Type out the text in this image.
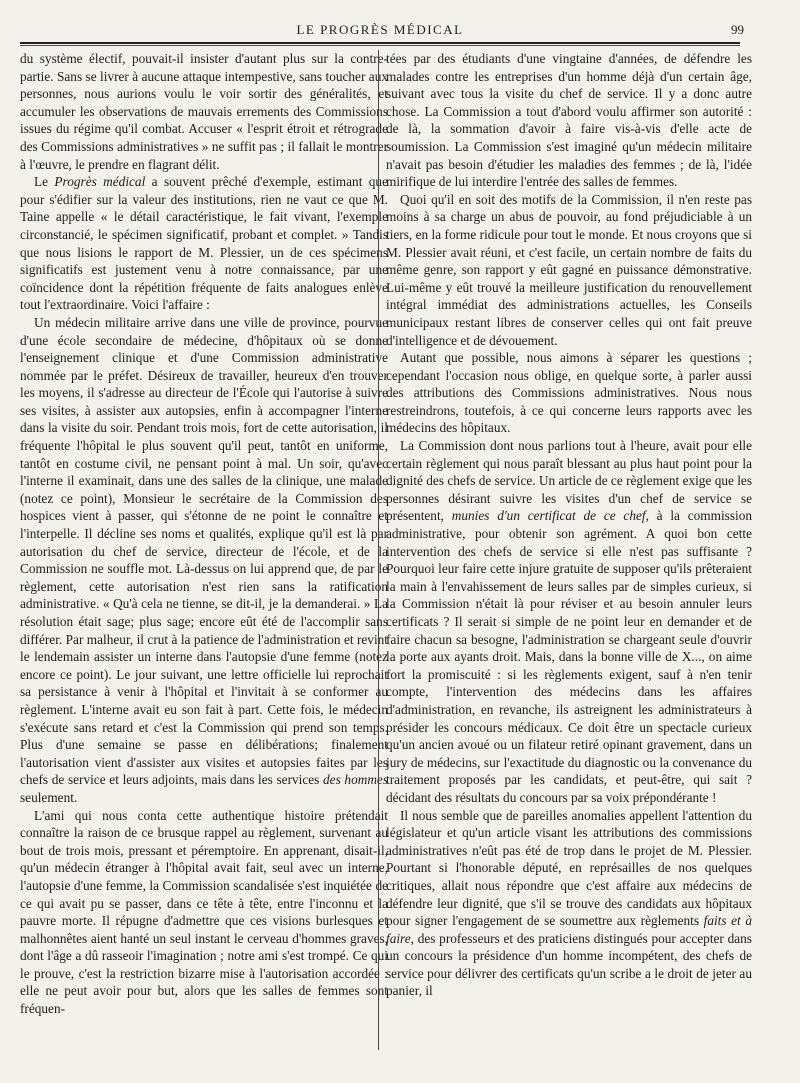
LE PROGRÈS MÉDICAL	99

du système électif, pouvait-il insister d'autant plus sur la contre-partie. Sans se livrer à aucune attaque intempestive, sans toucher aux personnes, nous aurions voulu le voir sortir des généralités, et accumuler les observations de mauvais errements des Commissions issues du régime qu'il combat. Accuser « l'esprit étroit et rétrograde des Commissions administratives » ne suffit pas ; il fallait le montrer à l'œuvre, le prendre en flagrant délit.

Le Progrès médical a souvent prêché d'exemple, estimant que pour s'édifier sur la valeur des institutions, rien ne vaut ce que M. Taine appelle « le détail caractéristique, le fait vivant, l'exemple circonstancié, le spécimen significatif, probant et complet. » Tandis que nous lisions le rapport de M. Plessier, un de ces spécimens significatifs est justement venu à notre connaissance, par une coïncidence dont la répétition fréquente de faits analogues enlève tout l'extraordinaire. Voici l'affaire :

Un médecin militaire arrive dans une ville de province, pourvue d'une école secondaire de médecine, d'hôpitaux où se donne l'enseignement clinique et d'une Commission administrative nommée par le préfet. Désireux de travailler, heureux d'en trouver les moyens, il s'adresse au directeur de l'École qui l'autorise à suivre ses visites, à assister aux autopsies, enfin à accompagner l'interne dans la visite du soir. Pendant trois mois, fort de cette autorisation, il fréquente l'hôpital le plus souvent qu'il peut, tantôt en uniforme, tantôt en costume civil, ne pensant point à mal. Un soir, qu'avec l'interne il examinait, dans une des salles de la clinique, une malade (notez ce point), Monsieur le secrétaire de la Commission des hospices vient à passer, qui s'étonne de ne point le connaître et l'interpelle. Il décline ses noms et qualités, explique qu'il est là par autorisation du chef de service, directeur de l'école, et de la Commission ne souffle mot. Là-dessus on lui apprend que, de par le règlement, cette autorisation n'est rien sans la ratification administrative. « Qu'à cela ne tienne, se dit-il, je la demanderai. » La résolution était sage; plus sage; encore eût été de l'accomplir sans différer. Par malheur, il crut à la patience de l'administration et revint le lendemain assister un interne dans l'autopsie d'une femme (notez encore ce point). Le jour suivant, une lettre officielle lui reprochait sa persistance à venir à l'hôpital et l'invitait à se conformer au règlement. L'interne avait eu son fait à part. Cette fois, le médecin s'exécute sans retard et c'est la Commission qui prend son temps. Plus d'une semaine se passe en délibérations; finalement l'autorisation vient d'assister aux visites et autopsies faites par les chefs de service et leurs adjoints, mais dans les services des hommes seulement.

L'ami qui nous conta cette authentique histoire prétendait connaître la raison de ce brusque rappel au règlement, survenant au bout de trois mois, pressant et péremptoire. En apprenant, disait-il, qu'un médecin étranger à l'hôpital avait fait, seul avec un interne, l'autopsie d'une femme, la Commission scandalisée s'est inquiétée de ce qui avait pu se passer, dans ce tête à tête, entre l'inconnu et la pauvre morte. Il répugne d'admettre que ces visions burlesques et malhonnêtes aient hanté un seul instant le cerveau d'hommes graves, dont l'âge a dû rasseoir l'imagination ; notre ami s'est trompé. Ce qui le prouve, c'est la restriction bizarre mise à l'autorisation accordée : elle ne peut avoir pour but, alors que les salles de femmes sont fréquen-

tées par des étudiants d'une vingtaine d'années, de défendre les malades contre les entreprises d'un homme déjà d'un certain âge, suivant avec tous la visite du chef de service. Il y a donc autre chose. La Commission a tout d'abord voulu affirmer son autorité : de là, la sommation d'avoir à faire vis-à-vis d'elle acte de soumission. La Commission s'est imaginé qu'un médecin militaire n'avait pas besoin d'étudier les maladies des femmes ; de là, l'idée mirifique de lui interdire l'entrée des salles de femmes.

Quoi qu'il en soit des motifs de la Commission, il n'en reste pas moins à sa charge un abus de pouvoir, au fond préjudiciable à un tiers, en la forme ridicule pour tout le monde. Et nous croyons que si M. Plessier avait réuni, et c'est facile, un certain nombre de faits du même genre, son rapport y eût gagné en puissance démonstrative. Lui-même y eût trouvé la meilleure justification du renouvellement intégral immédiat des administrations actuelles, les Conseils municipaux restant libres de conserver celles qui ont fait preuve d'intelligence et de dévouement.

Autant que possible, nous aimons à séparer les questions ; cependant l'occasion nous oblige, en quelque sorte, à parler aussi des attributions des Commissions administratives. Nous nous restreindrons, toutefois, à ce qui concerne leurs rapports avec les médecins des hôpitaux.

La Commission dont nous parlions tout à l'heure, avait pour elle certain règlement qui nous paraît blessant au plus haut point pour la dignité des chefs de service. Un article de ce règlement exige que les personnes désirant suivre les visites d'un chef de service se présentent, munies d'un certificat de ce chef, à la commission administrative, pour obtenir son agrément. A quoi bon cette intervention des chefs de service si elle n'est pas suffisante ? Pourquoi leur faire cette injure gratuite de supposer qu'ils prêteraient la main à l'envahissement de leurs salles par de simples curieux, si la Commission n'était là pour réviser et au besoin annuler leurs certificats ? Il serait si simple de ne point leur en demander et de faire chacun sa besogne, l'administration se chargeant seule d'ouvrir la porte aux ayants droit. Mais, dans la bonne ville de X..., on aime fort la promiscuité : si les règlements exigent, sauf à n'en tenir compte, l'intervention des médecins dans les affaires d'administration, en revanche, ils astreignent les administrateurs à présider les concours médicaux. Ce doit être un spectacle curieux qu'un ancien avoué ou un filateur retiré opinant gravement, dans un jury de médecins, sur l'exactitude du diagnostic ou la convenance du traitement proposés par les candidats, et peut-être, qui sait ? décidant des résultats du concours par sa voix prépondérante !

Il nous semble que de pareilles anomalies appellent l'attention du législateur et qu'un article visant les attributions des commissions administratives n'eût pas été de trop dans le projet de M. Plessier. Pourtant si l'honorable député, en représailles de nos quelques critiques, allait nous répondre que c'est affaire aux médecins de défendre leur dignité, que s'il se trouve des candidats aux hôpitaux pour signer l'engagement de se soumettre aux règlements faits et à faire, des professeurs et des praticiens distingués pour accepter dans un concours la présidence d'un homme incompétent, des chefs de service pour délivrer des certificats qu'un scribe a le droit de jeter au panier, il
